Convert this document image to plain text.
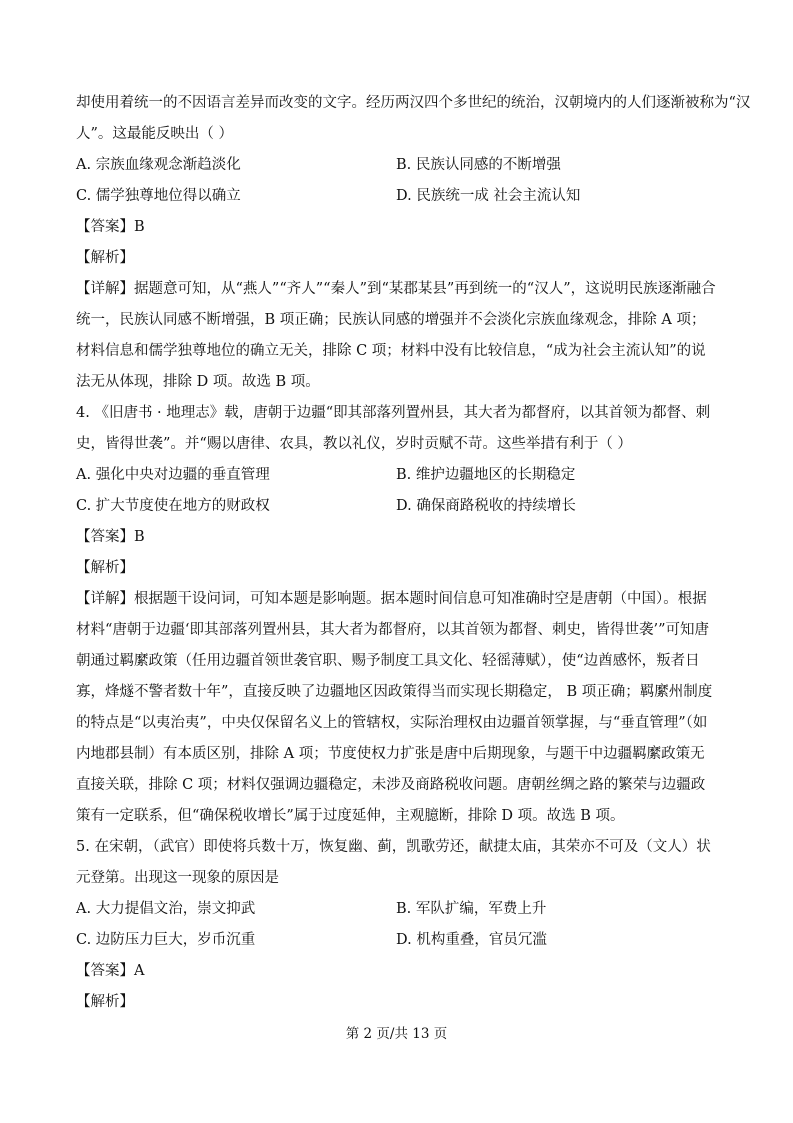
却使用着统一的不因语言差异而改变的文字。经历两汉四个多世纪的统治，汉朝境内的人们逐渐被称为“汉
人”。这最能反映出（ ）
A. 宗族血缘观念渐趋淡化	B. 民族认同感的不断增强
C. 儒学独尊地位得以确立	D. 民族统一成 社会主流认知
【答案】B
【解析】
【详解】据题意可知，从“燕人”“齐人”“秦人”到“某郡某县”再到统一的“汉人”，这说明民族逐渐融合统一，民族认同感不断增强，B 项正确；民族认同感的增强并不会淡化宗族血缘观念，排除 A 项；材料信息和儒学独尊地位的确立无关，排除 C 项；材料中没有比较信息，“成为社会主流认知”的说法无从体现，排除 D 项。故选 B 项。
4. 《旧唐书 · 地理志》载，唐朝于边疆“即其部落列置州县，其大者为都督府，以其首领为都督、刺史，皆得世袭”。并“赐以唐律、农具，教以礼仪，岁时贡赋不苛。这些举措有利于（ ）
A. 强化中央对边疆的垂直管理	B. 维护边疆地区的长期稳定
C. 扩大节度使在地方的财政权	D. 确保商路税收的持续增长
【答案】B
【解析】
【详解】根据题干设问词，可知本题是影响题。据本题时间信息可知准确时空是唐朝（中国）。根据材料“唐朝于边疆‘即其部落列置州县，其大者为都督府，以其首领为都督、刺史，皆得世袭’”可知唐朝通过羁縻政策（任用边疆首领世袭官职、赐予制度工具文化、轻徭薄赋），使“边酋感怀，叛者日寡，烽燧不警者数十年”，直接反映了边疆地区因政策得当而实现长期稳定， B 项正确；羁縻州制度的特点是“以夷治夷”，中央仅保留名义上的管辖权，实际治理权由边疆首领掌握，与“垂直管理”（如内地郡县制）有本质区别，排除 A 项；节度使权力扩张是唐中后期现象，与题干中边疆羁縻政策无直接关联，排除 C 项；材料仅强调边疆稳定，未涉及商路税收问题。唐朝丝绸之路的繁荣与边疆政策有一定联系，但“确保税收增长”属于过度延伸，主观臆断，排除 D 项。故选 B 项。
5. 在宋朝，（武官）即使将兵数十万，恢复幽、蓟，凯歌劳还，献捷太庙，其荣亦不可及（文人）状元登第。出现这一现象的原因是
A. 大力提倡文治，崇文抑武	B. 军队扩编，军费上升
C. 边防压力巨大，岁币沉重	D. 机构重叠，官员冗滥
【答案】A
【解析】
第 2 页/共 13 页
